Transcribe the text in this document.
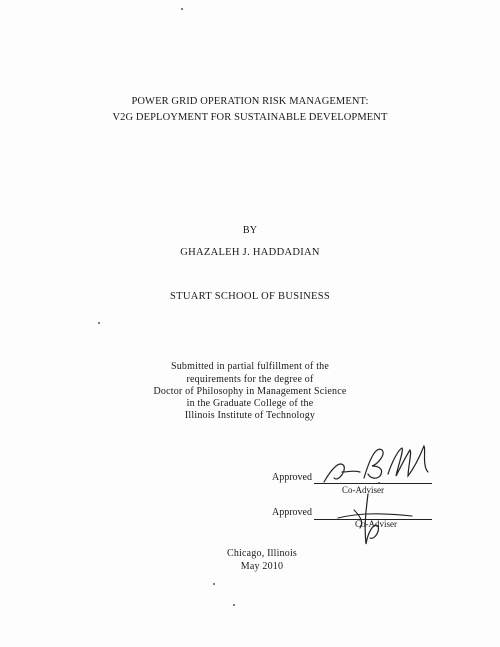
POWER GRID OPERATION RISK MANAGEMENT:
V2G DEPLOYMENT FOR SUSTAINABLE DEVELOPMENT
BY
GHAZALEH J. HADDADIAN
STUART SCHOOL OF BUSINESS
Submitted in partial fulfillment of the
requirements for the degree of
Doctor of Philosophy in Management Science
in the Graduate College of the
Illinois Institute of Technology
Approved
Co-Adviser
Approved
Co-Adviser
Chicago, Illinois
May 2010
